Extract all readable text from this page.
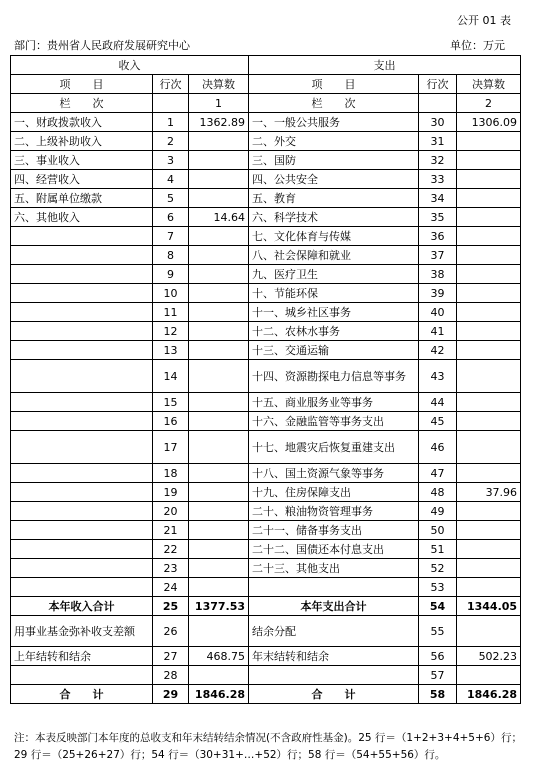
公开 01 表
部门：贵州省人民政府发展研究中心	单位：万元
收入			支出		
项　　目	行次	决算数	项　　目	行次	决算数
栏　　次		1	栏　　次		2
一、财政拨款收入	1	1362.89	一、一般公共服务	30	1306.09
二、上级补助收入	2		二、外交	31	
三、事业收入	3		三、国防	32	
四、经营收入	4		四、公共安全	33	
五、附属单位缴款	5		五、教育	34	
六、其他收入	6	14.64	六、科学技术	35	
	7		七、文化体育与传媒	36	
	8		八、社会保障和就业	37	
	9		九、医疗卫生	38	
	10		十、节能环保	39	
	11		十一、城乡社区事务	40	
	12		十二、农林水事务	41	
	13		十三、交通运输	42	
	14		十四、资源勘探电力信息等事务	43	
	15		十五、商业服务业等事务	44	
	16		十六、金融监管等事务支出	45	
	17		十七、地震灾后恢复重建支出	46	
	18		十八、国土资源气象等事务	47	
	19		十九、住房保障支出	48	37.96
	20		二十、粮油物资管理事务	49	
	21		二十一、储备事务支出	50	
	22		二十二、国债还本付息支出	51	
	23		二十三、其他支出	52	
	24			53	
本年收入合计	25	1377.53	本年支出合计	54	1344.05
用事业基金弥补收支差额	26		结余分配	55	
上年结转和结余	27	468.75	年末结转和结余	56	502.23
	28			57	
合　　计	29	1846.28	合　　计	58	1846.28
注：本表反映部门本年度的总收支和年末结转结余情况(不含政府性基金)。25 行＝（1+2+3+4+5+6）行；29 行＝（25+26+27）行；54 行＝（30+31+…+52）行；58 行＝（54+55+56）行。
